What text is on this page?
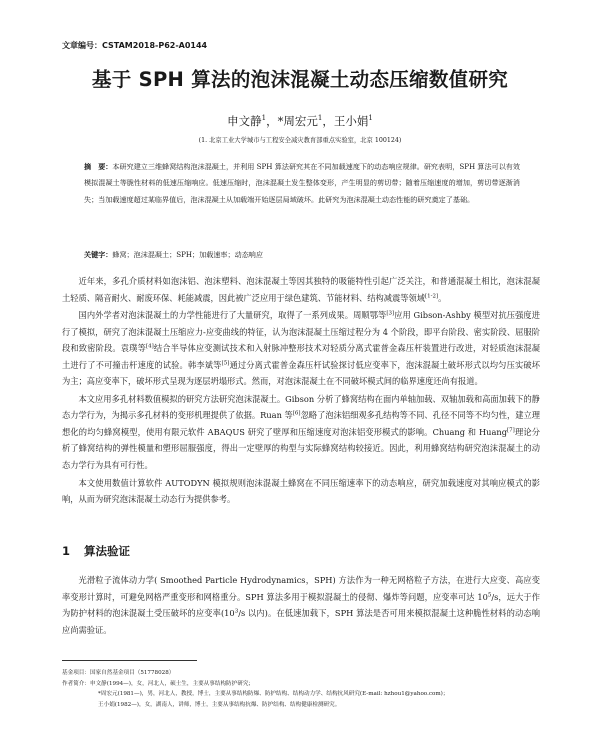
文章编号：CSTAM2018-P62-A0144
基于 SPH 算法的泡沫混凝土动态压缩数值研究
申文静$^1$，*周宏元$^1$，王小娟$^1$
(1. 北京工业大学城市与工程安全减灾教育部重点实验室，北京 100124)
摘　要：本研究建立三维蜂窝结构泡沫混凝土，并利用 SPH 算法研究其在不同加载速度下的动态响应规律。研究表明，SPH 算法可以有效模拟混凝土等脆性材料的低速压缩响应。低速压缩时，泡沫混凝土发生整体变形，产生明显的剪切带；随着压缩速度的增加，剪切带逐渐消失；当加载速度超过某临界值后，泡沫混凝土从加载端开始逐层局域破坏。此研究为泡沫混凝土动态性能的研究奠定了基础。
关键字：蜂窝；泡沫混凝土；SPH；加载速率；动态响应

近年来，多孔介质材料如泡沫铝、泡沫塑料、泡沫混凝土等因其独特的吸能特性引起广泛关注，和普通混凝土相比，泡沫混凝土轻质、隔音耐火、耐废环保、耗能减震，因此被广泛应用于绿色建筑、节能材料、结构减震等领域[1-2]。

国内外学者对泡沫混凝土的力学性能进行了大量研究，取得了一系列成果。周顺鄂等[3]应用 Gibson-Ashby 模型对抗压强度进行了模拟，研究了泡沫混凝土压缩应力-应变曲线的特征，认为泡沫混凝土压缩过程分为 4 个阶段，即平台阶段、密实阶段、屈服阶段和致密阶段。袁璞等[4]结合半导体应变测试技术和入射脉冲整形技术对轻质分离式霍普金森压杆装置进行改进，对轻质泡沫混凝土进行了不可撞击杆速度的试验。韩李斌等[5]通过分离式霍普金森压杆试验探讨低应变率下，泡沫混凝土破坏形式以均匀压实破坏为主；高应变率下，破坏形式呈现为逐层坍塌形式。然而，对泡沫混凝土在不同破坏模式间的临界速度还尚有报道。

本文应用多孔材料数值模拟的研究方法研究泡沫混凝土。Gibson 分析了蜂窝结构在面内单轴加载、双轴加载和高面加载下的静态力学行为，为揭示多孔材料的变形机理提供了依据。Ruan 等[6]忽略了泡沫铝细观多孔结构等不同、孔径不同等不均匀性，建立理想化的均匀蜂窝模型，使用有限元软件 ABAQUS 研究了壁厚和压缩速度对泡沫铝变形模式的影响。Chuang 和 Huang[7]理论分析了蜂窝结构的弹性模量和塑形屈服强度，得出一定壁厚的构型与实际蜂窝结构较接近。因此，利用蜂窝结构研究泡沫混凝土的动态力学行为具有可行性。

本文使用数值计算软件 AUTODYN 模拟规则泡沫混凝土蜂窝在不同压缩速率下的动态响应，研究加载速度对其响应模式的影响，从而为研究泡沫混凝土动态行为提供参考。

1 算法验证

光滑粒子流体动力学( Smoothed Particle Hydrodynamics，SPH) 方法作为一种无网格粒子方法，在进行大应变、高应变率变形计算时，可避免网格严重变形和网格重分。SPH 算法多用于模拟混凝土的侵彻、爆炸等问题，应变率可达 $10^5/s$，远大于作为防护材料的泡沫混凝土受压破坏的应变率($10^3/s$ 以内)。在低速加载下，SPH 算法是否可用来模拟混凝土这种脆性材料的动态响应尚需验证。

基金项目：国家自然基金项目（51778028）
作者简介：申文静(1994—)，女，河北人，硕士生，主要从事结构防护研究；
*周宏元(1981—)，男，河北人，教授，博士，主要从事结构防爆、防护结构、结构动力学、结构抗风研究(E-mail: hzhou1@yahoo.com)；
王小娟(1982—)，女，湖南人，讲师，博士，主要从事结构抗爆、防护结构、结构健康检测研究。
